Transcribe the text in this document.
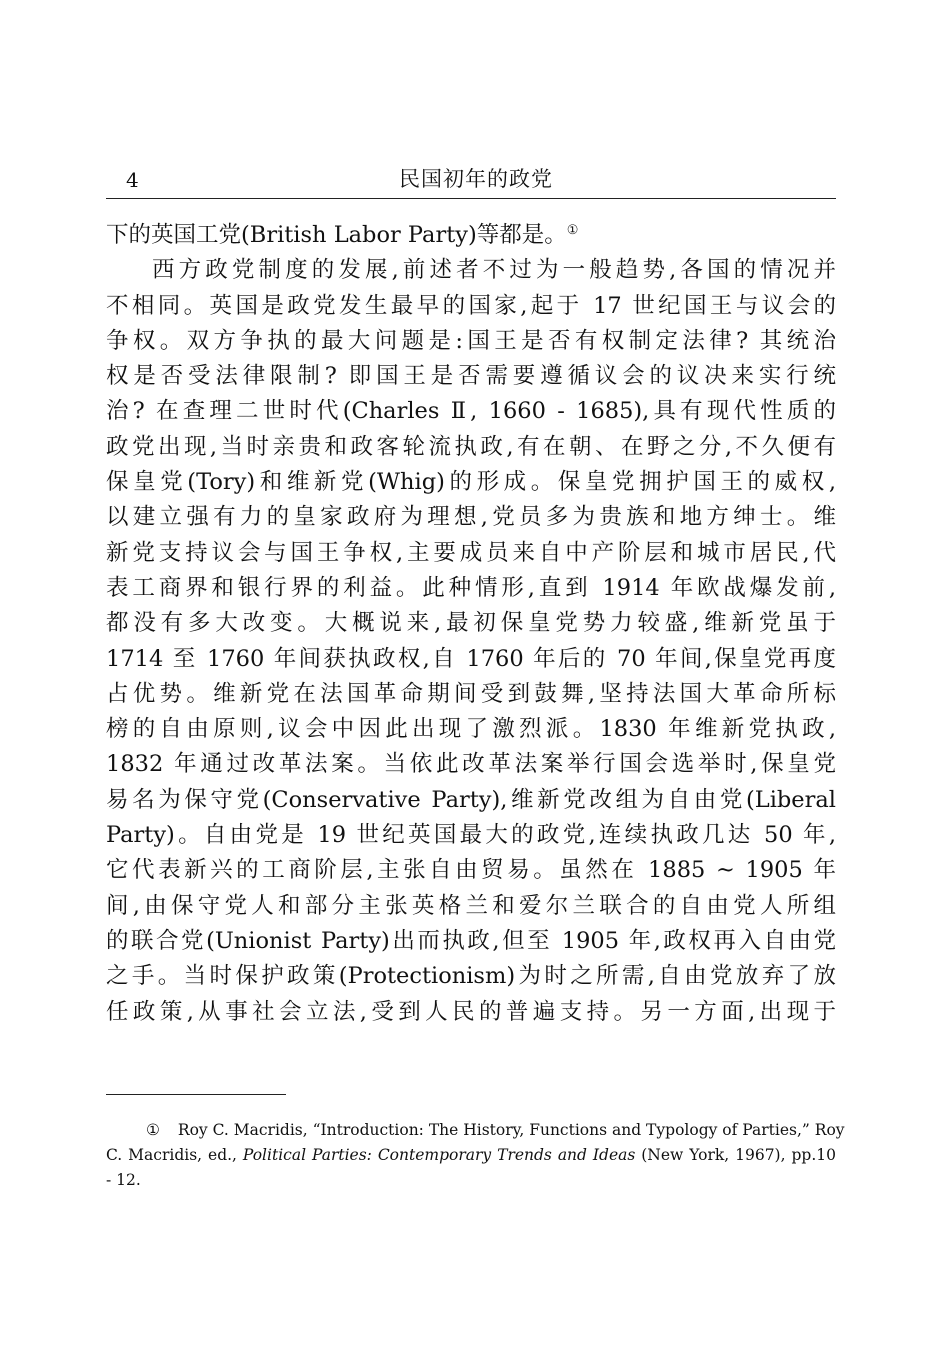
4	民国初年的政党
下的英国工党(British Labor Party)等都是。①
西方政党制度的发展,前述者不过为一般趋势,各国的情况并
不相同。英国是政党发生最早的国家,起于 17 世纪国王与议会的
争权。双方争执的最大问题是:国王是否有权制定法律? 其统治
权是否受法律限制? 即国王是否需要遵循议会的议决来实行统
治? 在查理二世时代(Charles Ⅱ, 1660 - 1685),具有现代性质的
政党出现,当时亲贵和政客轮流执政,有在朝、在野之分,不久便有
保皇党(Tory)和维新党(Whig)的形成。保皇党拥护国王的威权,
以建立强有力的皇家政府为理想,党员多为贵族和地方绅士。维
新党支持议会与国王争权,主要成员来自中产阶层和城市居民,代
表工商界和银行界的利益。此种情形,直到 1914 年欧战爆发前,
都没有多大改变。大概说来,最初保皇党势力较盛,维新党虽于
1714 至 1760 年间获执政权,自 1760 年后的 70 年间,保皇党再度
占优势。维新党在法国革命期间受到鼓舞,坚持法国大革命所标
榜的自由原则,议会中因此出现了激烈派。1830 年维新党执政,
1832 年通过改革法案。当依此改革法案举行国会选举时,保皇党
易名为保守党(Conservative Party),维新党改组为自由党(Liberal
Party)。自由党是 19 世纪英国最大的政党,连续执政几达 50 年,
它代表新兴的工商阶层,主张自由贸易。虽然在 1885 ~ 1905 年
间,由保守党人和部分主张英格兰和爱尔兰联合的自由党人所组
的联合党(Unionist Party)出而执政,但至 1905 年,政权再入自由党
之手。当时保护政策(Protectionism)为时之所需,自由党放弃了放
任政策,从事社会立法,受到人民的普遍支持。另一方面,出现于
① Roy C. Macridis, “Introduction: The History, Functions and Typology of Parties,” Roy
C. Macridis, ed., Political Parties: Contemporary Trends and Ideas (New York, 1967), pp.10
- 12.
